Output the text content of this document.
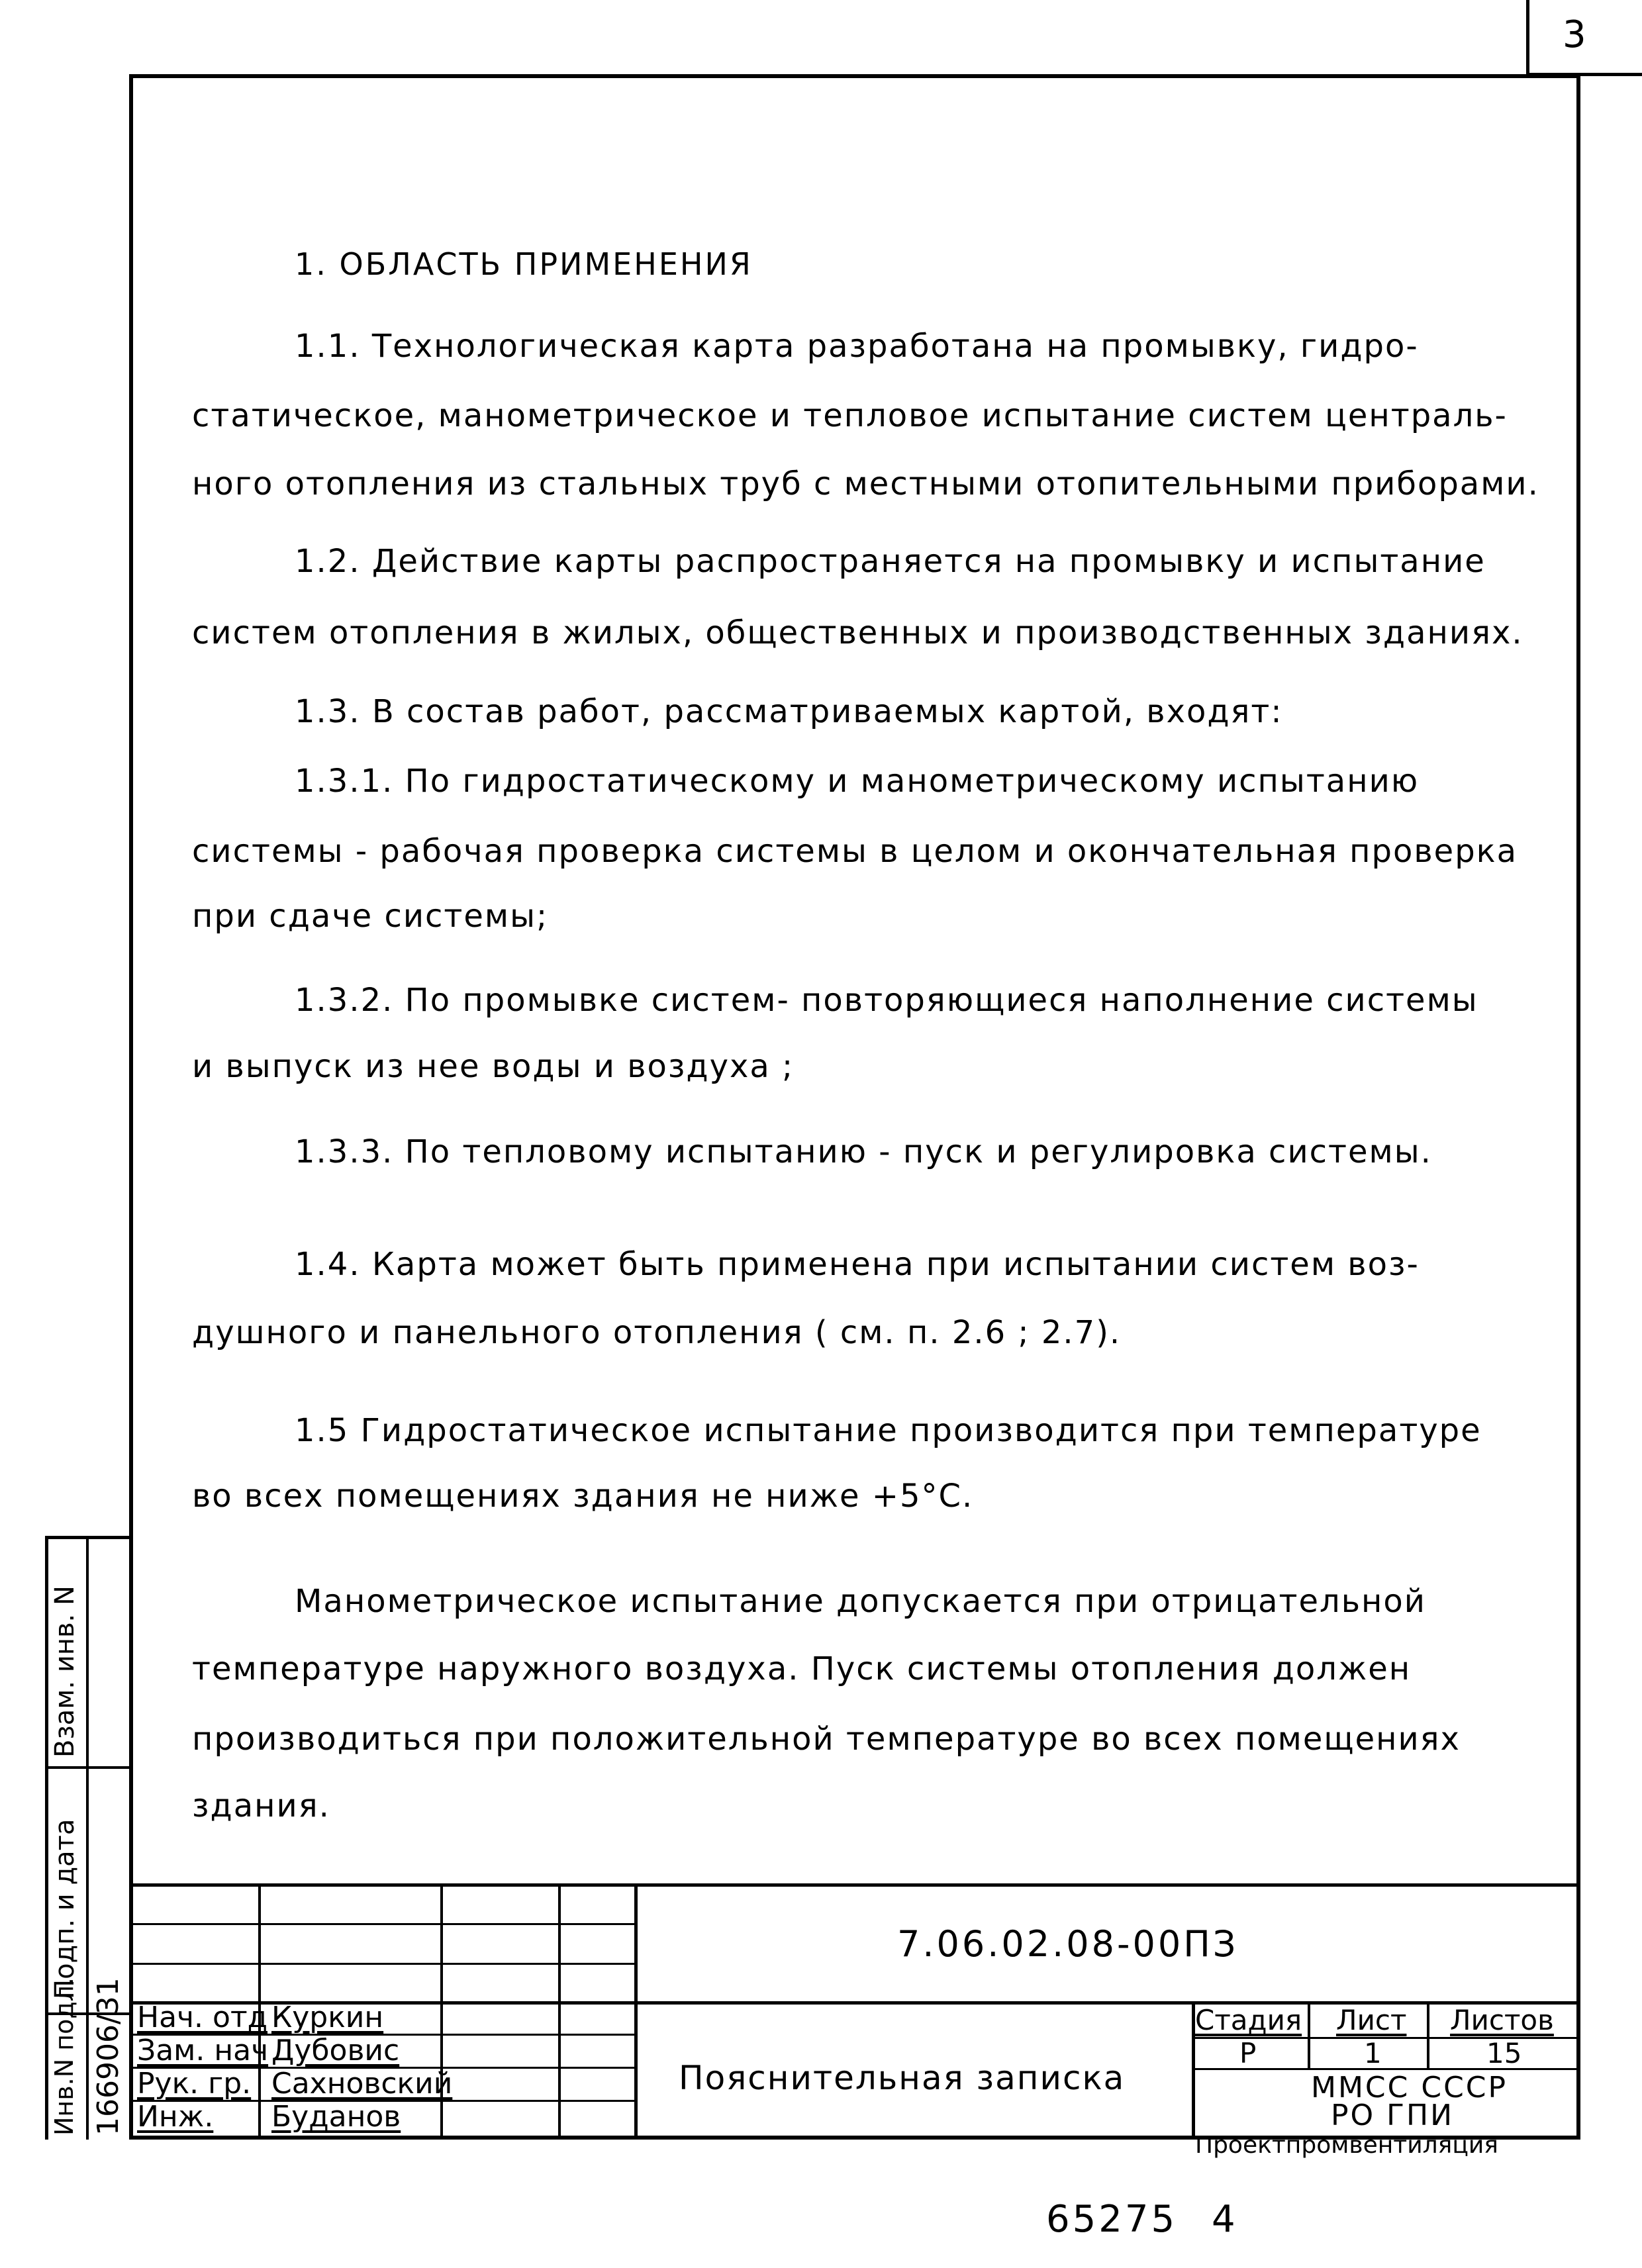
3
1. ОБЛАСТЬ ПРИМЕНЕНИЯ
1.1. Технологическая карта разработана на промывку, гидро-
статическое, манометрическое и тепловое испытание систем централь-
ного отопления из стальных труб с местными отопительными приборами.
1.2. Действие карты распространяется на промывку и испытание
систем отопления в жилых, общественных и производственных зданиях.
1.3. В состав работ, рассматриваемых картой, входят:
1.3.1. По гидростатическому и манометрическому испытанию
системы - рабочая проверка системы в целом и окончательная проверка
при сдаче системы;
1.3.2. По промывке систем- повторяющиеся наполнение системы
и выпуск из нее воды и воздуха ;
1.3.3. По тепловому испытанию - пуск и регулировка системы.
1.4. Карта может быть применена при испытании систем воз-
душного и панельного отопления ( см. п. 2.6 ; 2.7).
1.5 Гидростатическое испытание производится при температуре
во всех помещениях здания не ниже +5°С.
Манометрическое испытание допускается при отрицательной
температуре наружного воздуха. Пуск системы отопления должен
производиться при положительной температуре во всех помещениях
здания.
7.06.02.08-00ПЗ
Пояснительная записка
Нач. отд Куркин
Зам. нач Дубовис
Рук. гр. Сахновский
Инж. Буданов
Стадия Лист Листов
Р	1	15
ММСС СССР
РО ГПИ
Проектпромвентиляция
Взам. инв. N
Подп. и дата
Инв.N подл. 166906/31
65275 4
